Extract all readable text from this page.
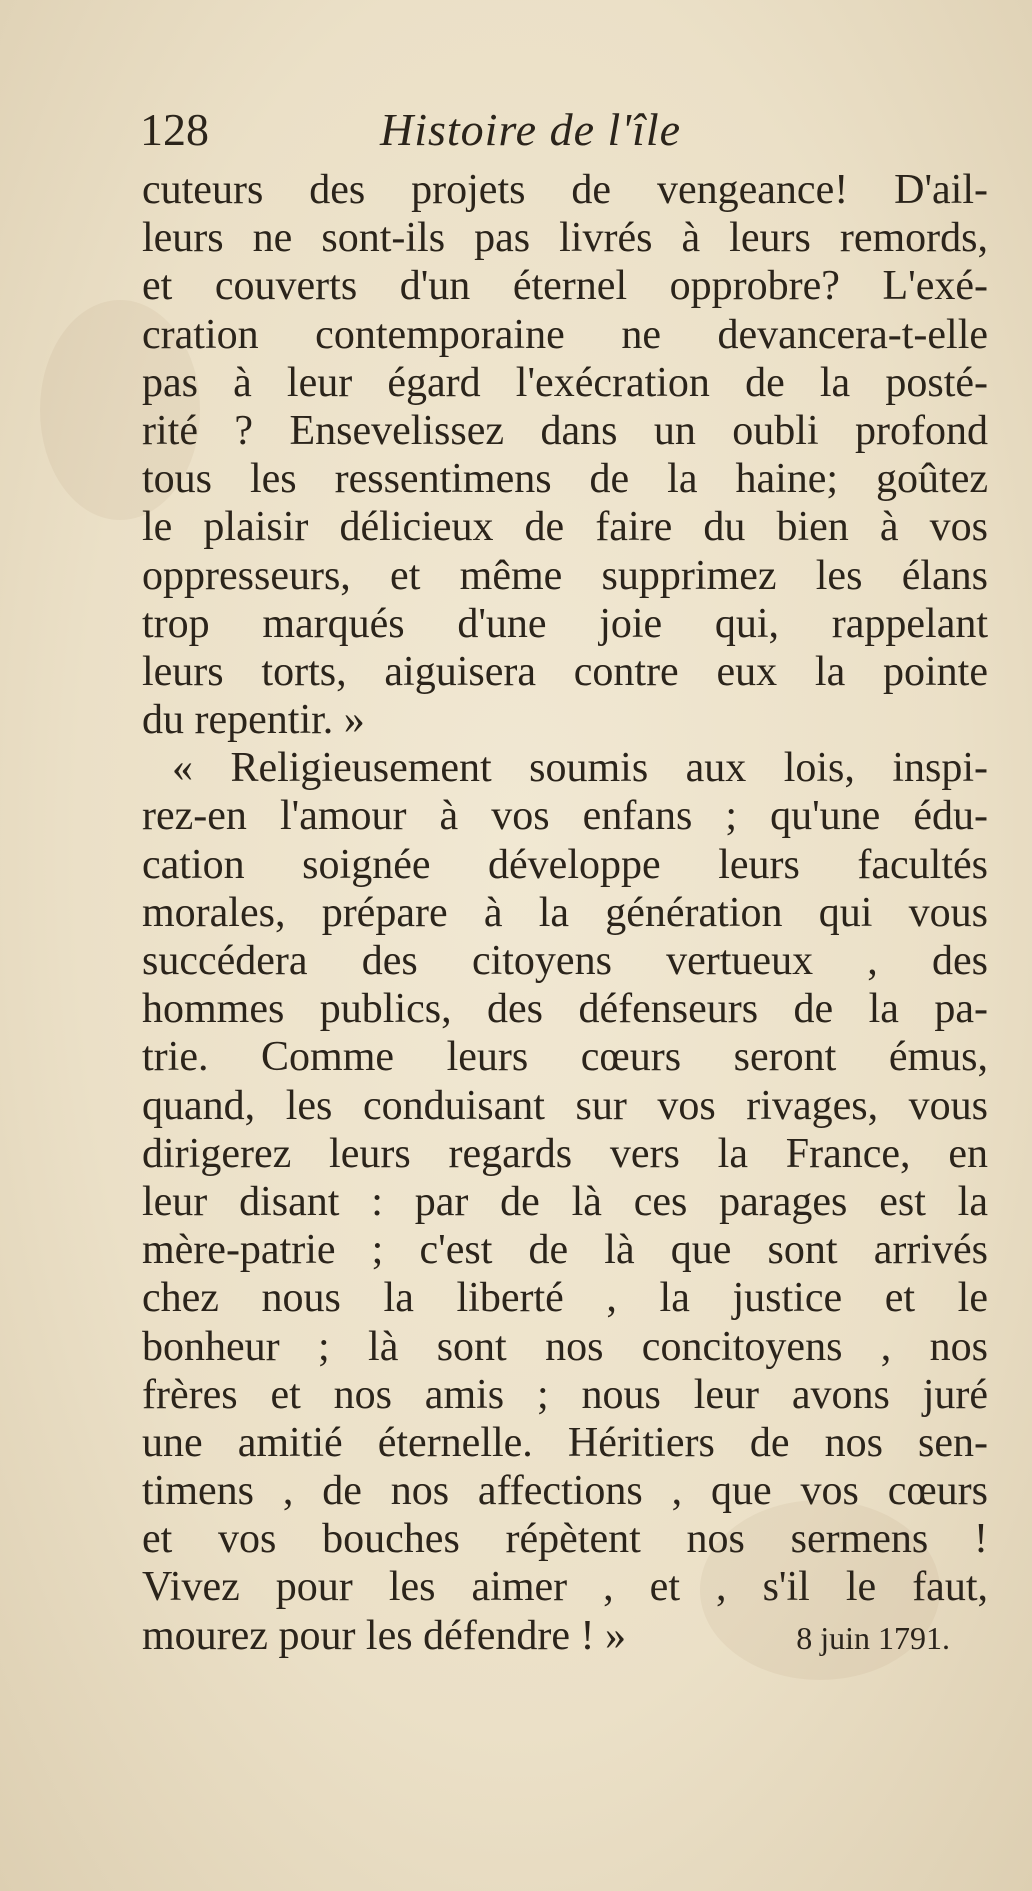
128	Histoire de l'île
cuteurs des projets de vengeance! D'ail-
leurs ne sont-ils pas livrés à leurs remords,
et couverts d'un éternel opprobre? L'exé-
cration contemporaine ne devancera-t-elle
pas à leur égard l'exécration de la posté-
rité ? Ensevelissez dans un oubli profond
tous les ressentimens de la haine; goûtez
le plaisir délicieux de faire du bien à vos
oppresseurs, et même supprimez les élans
trop marqués d'une joie qui, rappelant
leurs torts, aiguisera contre eux la pointe
du repentir. »
« Religieusement soumis aux lois, inspi-
rez-en l'amour à vos enfans ; qu'une édu-
cation soignée développe leurs facultés
morales, prépare à la génération qui vous
succédera des citoyens vertueux , des
hommes publics, des défenseurs de la pa-
trie. Comme leurs cœurs seront émus,
quand, les conduisant sur vos rivages, vous
dirigerez leurs regards vers la France, en
leur disant : par de là ces parages est la
mère-patrie ; c'est de là que sont arrivés
chez nous la liberté , la justice et le
bonheur ; là sont nos concitoyens , nos
frères et nos amis ; nous leur avons juré
une amitié éternelle. Héritiers de nos sen-
timens , de nos affections , que vos cœurs
et vos bouches répètent nos sermens !
Vivez pour les aimer , et , s'il le faut,
mourez pour les défendre ! »	8 juin 1791.
